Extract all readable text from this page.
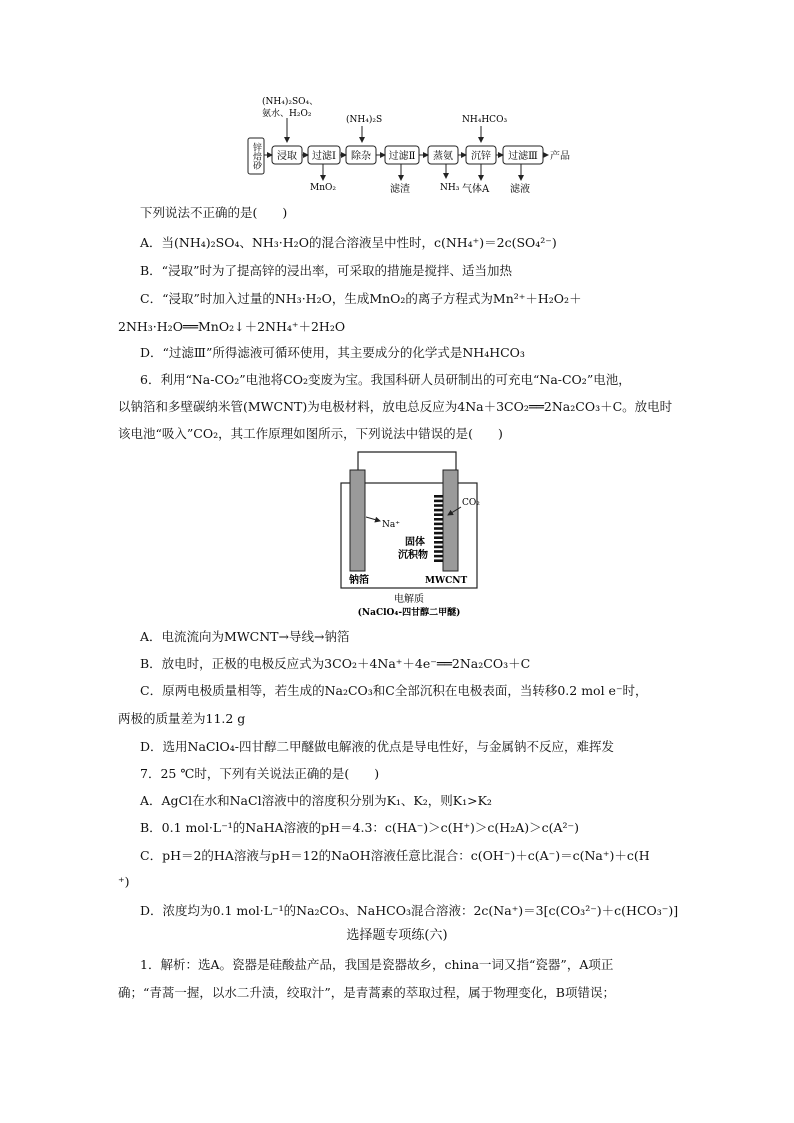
锌焙砂 浸取 过滤Ⅰ 除杂 过滤Ⅱ 蒸氨 沉锌 过滤Ⅲ
(NH₄)₂SO₄、
氨水、H₂O₂
(NH₄)₂S	NH₄HCO₃
产品
MnO₂	滤渣	NH₃ 气体A 滤液
下列说法不正确的是(　　)
A．当(NH₄)₂SO₄、NH₃·H₂O的混合溶液呈中性时，c(NH₄⁺)＝2c(SO₄²⁻)
B．“浸取”时为了提高锌的浸出率，可采取的措施是搅拌、适当加热
C．“浸取”时加入过量的NH₃·H₂O，生成MnO₂的离子方程式为Mn²⁺＋H₂O₂＋
2NH₃·H₂O══MnO₂↓＋2NH₄⁺＋2H₂O
D．“过滤Ⅲ”所得滤液可循环使用，其主要成分的化学式是NH₄HCO₃
6．利用“Na-CO₂”电池将CO₂变废为宝。我国科研人员研制出的可充电“Na-CO₂”电池，
以钠箔和多壁碳纳米管(MWCNT)为电极材料，放电总反应为4Na＋3CO₂══2Na₂CO₃＋C。放电时
该电池“吸入”CO₂，其工作原理如图所示，下列说法中错误的是(　　)
Na⁺
CO₂
固体
沉积物
钠箔	MWCNT
电解质
(NaClO₄-四甘醇二甲醚)
A．电流流向为MWCNT→导线→钠箔
B．放电时，正极的电极反应式为3CO₂＋4Na⁺＋4e⁻══2Na₂CO₃＋C
C．原两电极质量相等，若生成的Na₂CO₃和C全部沉积在电极表面，当转移0.2 mol e⁻时，
两极的质量差为11.2 g
D．选用NaClO₄-四甘醇二甲醚做电解液的优点是导电性好，与金属钠不反应，难挥发
7．25 ℃时，下列有关说法正确的是(　　)
A．AgCl在水和NaCl溶液中的溶度积分别为K₁、K₂，则K₁>K₂
B．0.1 mol·L⁻¹的NaHA溶液的pH＝4.3：c(HA⁻)＞c(H⁺)＞c(H₂A)＞c(A²⁻)
C．pH＝2的HA溶液与pH＝12的NaOH溶液任意比混合：c(OH⁻)＋c(A⁻)＝c(Na⁺)＋c(H
⁺)
D．浓度均为0.1 mol·L⁻¹的Na₂CO₃、NaHCO₃混合溶液：2c(Na⁺)＝3[c(CO₃²⁻)＋c(HCO₃⁻)]
选择题专项练(六)
1．解析：选A。瓷器是硅酸盐产品，我国是瓷器故乡，china一词又指“瓷器”，A项正
确；“青蒿一握，以水二升渍，绞取汁”，是青蒿素的萃取过程，属于物理变化，B项错误；
